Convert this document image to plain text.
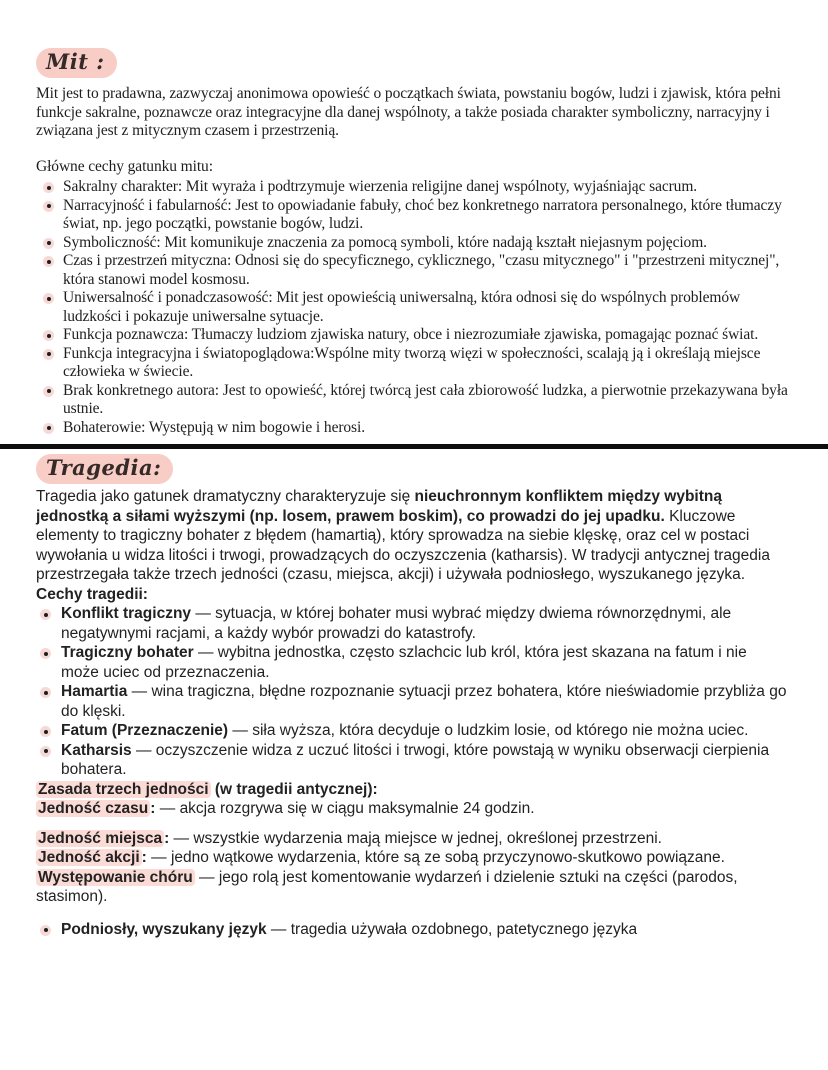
Mit :

Mit jest to pradawna, zazwyczaj anonimowa opowieść o początkach świata, powstaniu bogów, ludzi i zjawisk, która pełni funkcje sakralne, poznawcze oraz integracyjne dla danej wspólnoty, a także posiada charakter symboliczny, narracyjny i związana jest z mitycznym czasem i przestrzenią.

Główne cechy gatunku mitu:

Sakralny charakter: Mit wyraża i podtrzymuje wierzenia religijne danej wspólnoty, wyjaśniając sacrum.
Narracyjność i fabularność: Jest to opowiadanie fabuły, choć bez konkretnego narratora personalnego, które tłumaczy świat, np. jego początki, powstanie bogów, ludzi.
Symboliczność: Mit komunikuje znaczenia za pomocą symboli, które nadają kształt niejasnym pojęciom.
Czas i przestrzeń mityczna: Odnosi się do specyficznego, cyklicznego, "czasu mitycznego" i "przestrzeni mitycznej", która stanowi model kosmosu.
Uniwersalność i ponadczasowość: Mit jest opowieścią uniwersalną, która odnosi się do wspólnych problemów ludzkości i pokazuje uniwersalne sytuacje.
Funkcja poznawcza: Tłumaczy ludziom zjawiska natury, obce i niezrozumiałe zjawiska, pomagając poznać świat.
Funkcja integracyjna i światopoglądowa:Wspólne mity tworzą więzi w społeczności, scalają ją i określają miejsce człowieka w świecie.
Brak konkretnego autora: Jest to opowieść, której twórcą jest cała zbiorowość ludzka, a pierwotnie przekazywana była ustnie.
Bohaterowie: Występują w nim bogowie i herosi.
Tragedia:

Tragedia jako gatunek dramatyczny charakteryzuje się nieuchronnym konfliktem między wybitną jednostką a siłami wyższymi (np. losem, prawem boskim), co prowadzi do jej upadku. Kluczowe elementy to tragiczny bohater z błędem (hamartią), który sprowadza na siebie klęskę, oraz cel w postaci wywołania u widza litości i trwogi, prowadzących do oczyszczenia (katharsis). W tradycji antycznej tragedia przestrzegała także trzech jedności (czasu, miejsca, akcji) i używała podniosłego, wyszukanego języka.

Cechy tragedii:

Konflikt tragiczny — sytuacja, w której bohater musi wybrać między dwiema równorzędnymi, ale negatywnymi racjami, a każdy wybór prowadzi do katastrofy.
Tragiczny bohater — wybitna jednostka, często szlachcic lub król, która jest skazana na fatum i nie może uciec od przeznaczenia.
Hamartia — wina tragiczna, błędne rozpoznanie sytuacji przez bohatera, które nieświadomie przybliża go do klęski.
Fatum (Przeznaczenie) — siła wyższa, która decyduje o ludzkim losie, od którego nie można uciec.
Katharsis — oczyszczenie widza z uczuć litości i trwogi, które powstają w wyniku obserwacji cierpienia bohatera.

Zasada trzech jedności (w tragedii antycznej):

Jedność czasu : — akcja rozgrywa się w ciągu maksymalnie 24 godzin.

Jedność miejsca : — wszystkie wydarzenia mają miejsce w jednej, określonej przestrzeni.

Jedność akcji : — jedno wątkowe wydarzenia, które są ze sobą przyczynowo-skutkowo powiązane.

Występowanie chóru — jego rolą jest komentowanie wydarzeń i dzielenie sztuki na części (parodos, stasimon).

Podniosły, wyszukany język — tragedia używała ozdobnego, patetycznego języka
